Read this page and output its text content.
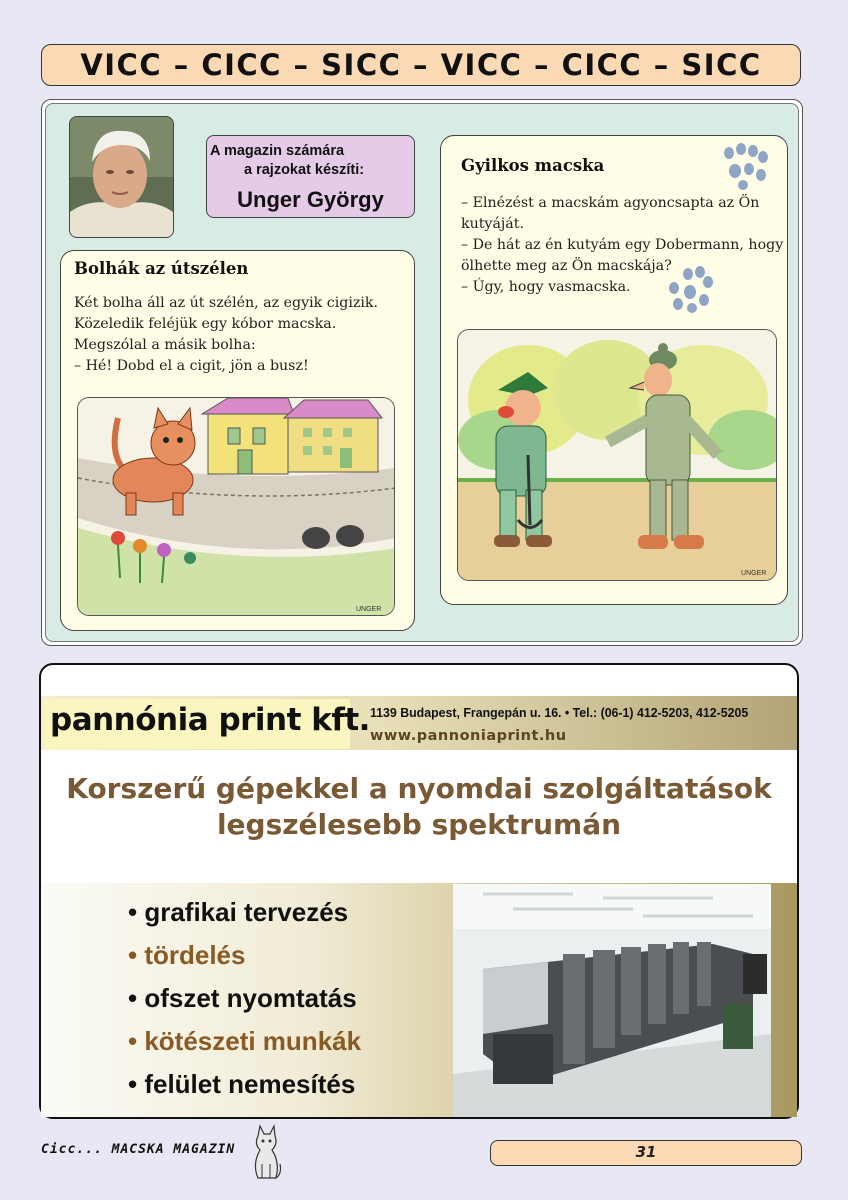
VICC – CICC – SICC – VICC – CICC – SICC
A magazin számára
a rajzokat készíti:
Unger György
Bolhák az útszélen
Két bolha áll az út szélén, az egyik cigizik.
Közeledik feléjük egy kóbor macska.
Megszólal a másik bolha:
– Hé! Dobd el a cigit, jön a busz!
UNGER
Gyilkos macska
– Elnézést a macskám agyoncsapta az Ön
kutyáját.
– De hát az én kutyám egy Dobermann, hogy
ölhette meg az Ön macskája?
– Úgy, hogy vasmacska.
UNGER
pannónia print kft. 1139 Budapest, Frangepán u. 16. • Tel.: (06-1) 412-5203, 412-5205
www.pannoniaprint.hu
Korszerű gépekkel a nyomdai szolgáltatások
legszélesebb spektrumán
• grafikai tervezés
• tördelés
• ofszet nyomtatás
• kötészeti munkák
• felület nemesítés
Cicc... MACSKA MAGAZIN	31
